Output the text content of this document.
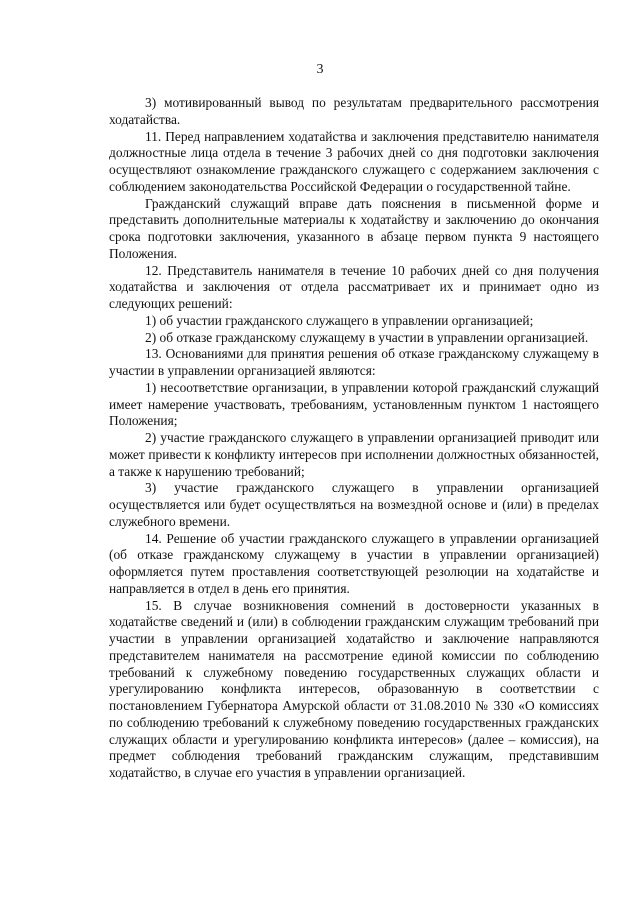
3

3) мотивированный вывод по результатам предварительного рассмотрения ходатайства.

11. Перед направлением ходатайства и заключения представителю нанимателя должностные лица отдела в течение 3 рабочих дней со дня подготовки заключения осуществляют ознакомление гражданского служащего с содержанием заключения с соблюдением законодательства Российской Федерации о государственной тайне.

Гражданский служащий вправе дать пояснения в письменной форме и представить дополнительные материалы к ходатайству и заключению до окончания срока подготовки заключения, указанного в абзаце первом пункта 9 настоящего Положения.

12. Представитель нанимателя в течение 10 рабочих дней со дня получения ходатайства и заключения от отдела рассматривает их и принимает одно из следующих решений:

1) об участии гражданского служащего в управлении организацией;

2) об отказе гражданскому служащему в участии в управлении организацией.

13. Основаниями для принятия решения об отказе гражданскому служащему в участии в управлении организацией являются:

1) несоответствие организации, в управлении которой гражданский служащий имеет намерение участвовать, требованиям, установленным пунктом 1 настоящего Положения;

2) участие гражданского служащего в управлении организацией приводит или может привести к конфликту интересов при исполнении должностных обязанностей, а также к нарушению требований;

3) участие гражданского служащего в управлении организацией осуществляется или будет осуществляться на возмездной основе и (или) в пределах служебного времени.

14. Решение об участии гражданского служащего в управлении организацией (об отказе гражданскому служащему в участии в управлении организацией) оформляется путем проставления соответствующей резолюции на ходатайстве и направляется в отдел в день его принятия.

15. В случае возникновения сомнений в достоверности указанных в ходатайстве сведений и (или) в соблюдении гражданским служащим требований при участии в управлении организацией ходатайство и заключение направляются представителем нанимателя на рассмотрение единой комиссии по соблюдению требований к служебному поведению государственных служащих области и урегулированию конфликта интересов, образованную в соответствии с постановлением Губернатора Амурской области от 31.08.2010 № 330 «О комиссиях по соблюдению требований к служебному поведению государственных гражданских служащих области и урегулированию конфликта интересов» (далее – комиссия), на предмет соблюдения требований гражданским служащим, представившим ходатайство, в случае его участия в управлении организацией.
